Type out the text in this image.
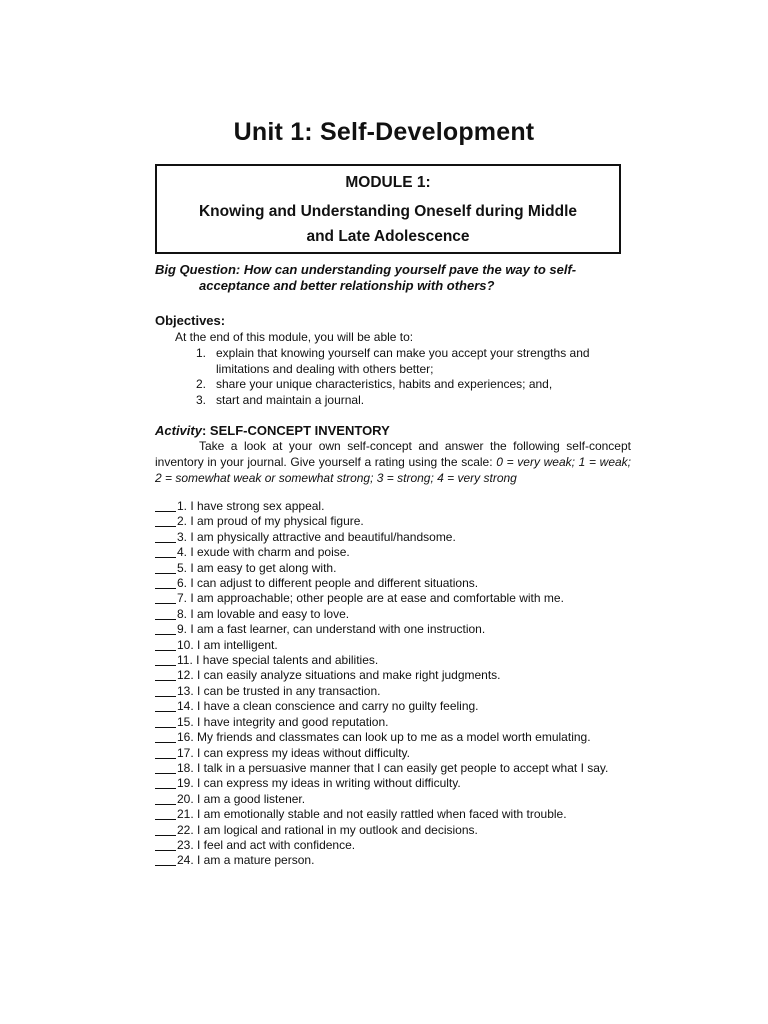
Unit 1: Self-Development
MODULE 1:
Knowing and Understanding Oneself during Middle and Late Adolescence
Big Question: How can understanding yourself pave the way to self-
acceptance and better relationship with others?
Objectives:
At the end of this module, you will be able to:
1. explain that knowing yourself can make you accept your strengths and limitations and dealing with others better;
2. share your unique characteristics, habits and experiences; and,
3. start and maintain a journal.
Activity: SELF-CONCEPT INVENTORY
Take a look at your own self-concept and answer the following self-concept inventory in your journal. Give yourself a rating using the scale: 0 = very weak; 1 = weak; 2 = somewhat weak or somewhat strong; 3 = strong; 4 = very strong
1. I have strong sex appeal.
2. I am proud of my physical figure.
3. I am physically attractive and beautiful/handsome.
4. I exude with charm and poise.
5. I am easy to get along with.
6. I can adjust to different people and different situations.
7. I am approachable; other people are at ease and comfortable with me.
8. I am lovable and easy to love.
9. I am a fast learner, can understand with one instruction.
10. I am intelligent.
11. I have special talents and abilities.
12. I can easily analyze situations and make right judgments.
13. I can be trusted in any transaction.
14. I have a clean conscience and carry no guilty feeling.
15. I have integrity and good reputation.
16. My friends and classmates can look up to me as a model worth emulating.
17. I can express my ideas without difficulty.
18. I talk in a persuasive manner that I can easily get people to accept what I say.
19. I can express my ideas in writing without difficulty.
20. I am a good listener.
21. I am emotionally stable and not easily rattled when faced with trouble.
22. I am logical and rational in my outlook and decisions.
23. I feel and act with confidence.
24. I am a mature person.
